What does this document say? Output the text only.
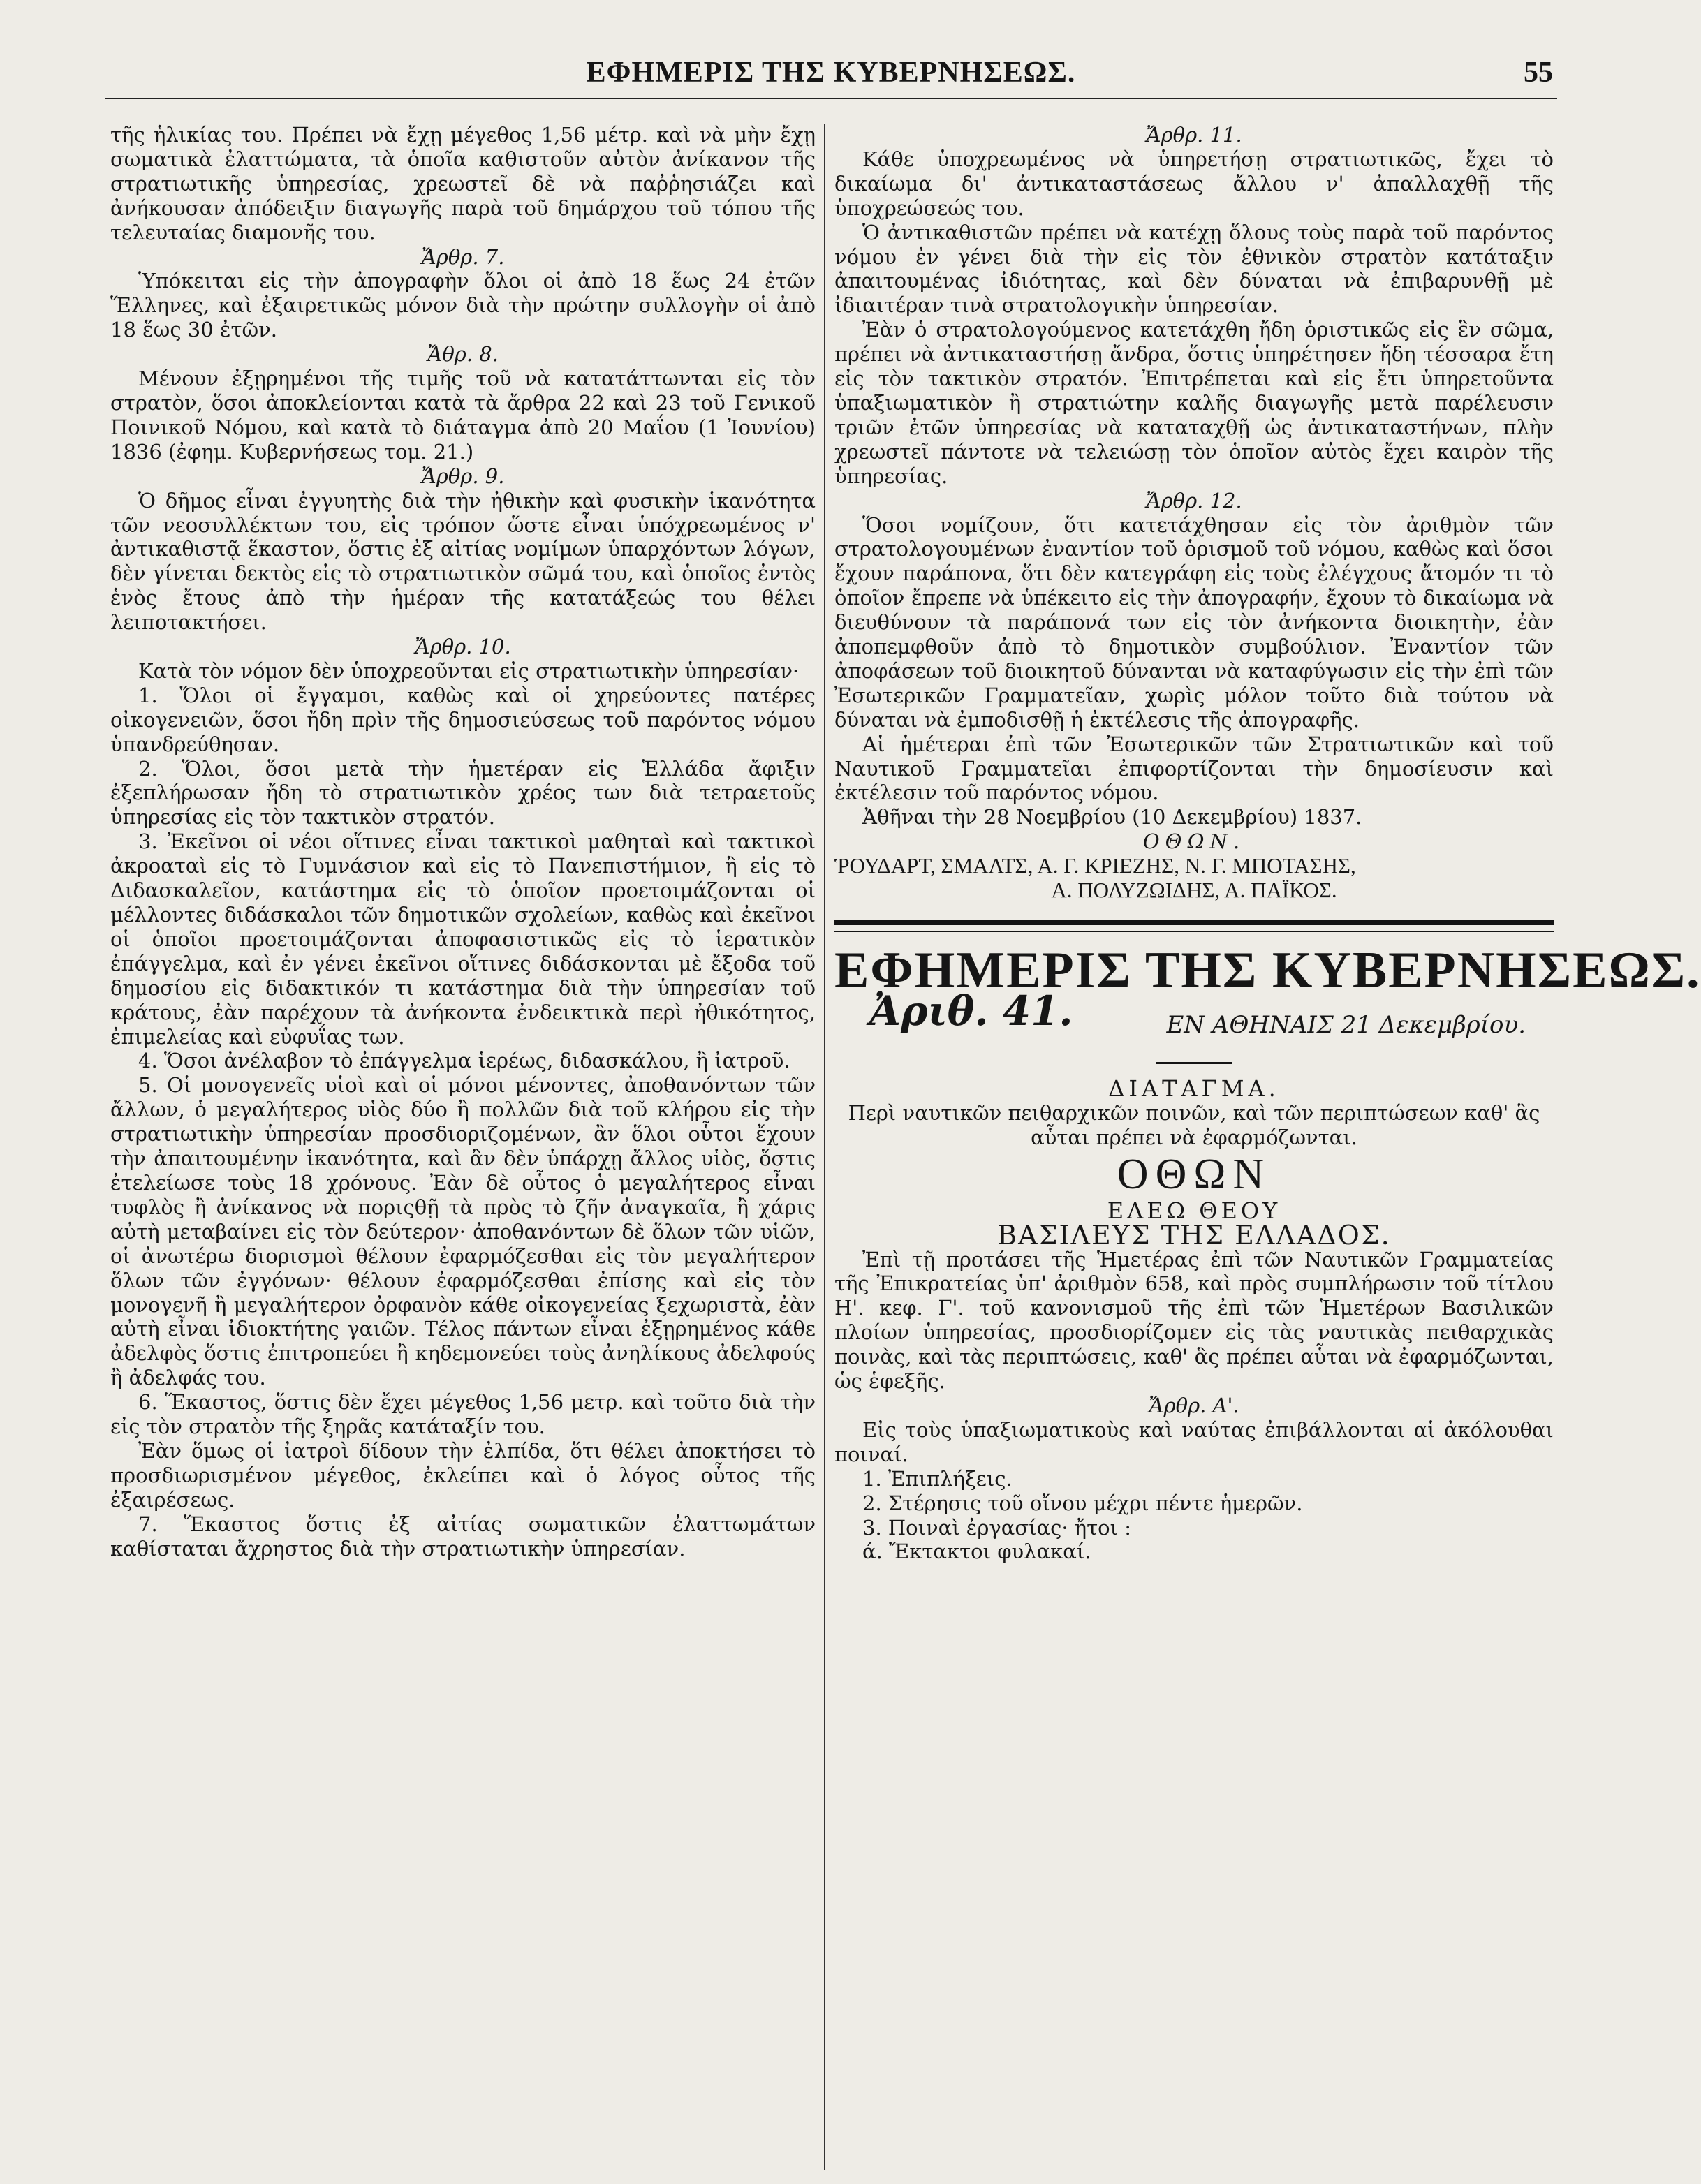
ΕΦΗΜΕΡΙΣ ΤΗΣ ΚΥΒΕΡΝΗΣΕΩΣ.	55

τῆς ἡλικίας του. Πρέπει νὰ ἔχῃ μέγεθος 1,56 μέτρ. καὶ νὰ μὴν ἔχῃ σωματικὰ ἐλαττώματα, τὰ ὁποῖα καθιστοῦν αὐτὸν ἀνίκανον τῆς στρατιωτικῆς ὑπηρεσίας, χρεωστεῖ δὲ νὰ παῤῥησιάζει καὶ ἀνήκουσαν ἀπόδειξιν διαγωγῆς παρὰ τοῦ δημάρχου τοῦ τόπου τῆς τελευταίας διαμονῆς του.

Ἄρθρ. 7.

Ὑπόκειται εἰς τὴν ἀπογραφὴν ὅλοι οἱ ἀπὸ 18 ἕως 24 ἐτῶν Ἕλληνες, καὶ ἐξαιρετικῶς μόνον διὰ τὴν πρώτην συλλογὴν οἱ ἀπὸ 18 ἕως 30 ἐτῶν.

Ἄθρ. 8.

Μένουν ἐξῃρημένοι τῆς τιμῆς τοῦ νὰ κατατάττωνται εἰς τὸν στρατὸν, ὅσοι ἀποκλείονται κατὰ τὰ ἄρθρα 22 καὶ 23 τοῦ Γενικοῦ Ποινικοῦ Νόμου, καὶ κατὰ τὸ διάταγμα ἀπὸ 20 Μαΐου (1 Ἰουνίου) 1836 (ἐφημ. Κυβερνήσεως τομ. 21.)

Ἄρθρ. 9.

Ὁ δῆμος εἶναι ἐγγυητὴς διὰ τὴν ἠθικὴν καὶ φυσικὴν ἱκανότητα τῶν νεοσυλλέκτων του, εἰς τρόπον ὥστε εἶναι ὑπόχρεωμένος ν' ἀντικαθιστᾷ ἕκαστον, ὅστις ἐξ αἰτίας νομίμων ὑπαρχόντων λόγων, δὲν γίνεται δεκτὸς εἰς τὸ στρατιωτικὸν σῶμά του, καὶ ὁποῖος ἐντὸς ἑνὸς ἔτους ἀπὸ τὴν ἡμέραν τῆς κατατάξεώς του θέλει λειποτακτήσει.

Ἄρθρ. 10.

Κατὰ τὸν νόμον δὲν ὑποχρεοῦνται εἰς στρατιωτικὴν ὑπηρεσίαν·

1. Ὅλοι οἱ ἔγγαμοι, καθὼς καὶ οἱ χηρεύοντες πατέρες οἰκογενειῶν, ὅσοι ἤδη πρὶν τῆς δημοσιεύσεως τοῦ παρόντος νόμου ὑπανδρεύθησαν.

2. Ὅλοι, ὅσοι μετὰ τὴν ἡμετέραν εἰς Ἑλλάδα ἄφιξιν ἐξεπλήρωσαν ἤδη τὸ στρατιωτικὸν χρέος των διὰ τετραετοῦς ὑπηρεσίας εἰς τὸν τακτικὸν στρατόν.

3. Ἐκεῖνοι οἱ νέοι οἵτινες εἶναι τακτικοὶ μαθηταὶ καὶ τακτικοὶ ἀκροαταὶ εἰς τὸ Γυμνάσιον καὶ εἰς τὸ Πανεπιστήμιον, ἢ εἰς τὸ Διδασκαλεῖον, κατάστημα εἰς τὸ ὁποῖον προετοιμάζονται οἱ μέλλοντες διδάσκαλοι τῶν δημοτικῶν σχολείων, καθὼς καὶ ἐκεῖνοι οἱ ὁποῖοι προετοιμάζονται ἀποφασιστικῶς εἰς τὸ ἱερατικὸν ἐπάγγελμα, καὶ ἐν γένει ἐκεῖνοι οἵτινες διδάσκονται μὲ ἔξοδα τοῦ δημοσίου εἰς διδακτικόν τι κατάστημα διὰ τὴν ὑπηρεσίαν τοῦ κράτους, ἐὰν παρέχουν τὰ ἀνήκοντα ἐνδεικτικὰ περὶ ἠθικότητος, ἐπιμελείας καὶ εὐφυΐας των.

4. Ὅσοι ἀνέλαβον τὸ ἐπάγγελμα ἱερέως, διδασκάλου, ἢ ἰατροῦ.

5. Οἱ μονογενεῖς υἱοὶ καὶ οἱ μόνοι μένοντες, ἀποθανόντων τῶν ἄλλων, ὁ μεγαλήτερος υἱὸς δύο ἢ πολλῶν διὰ τοῦ κλήρου εἰς τὴν στρατιωτικὴν ὑπηρεσίαν προσδιοριζομένων, ἂν ὅλοι οὗτοι ἔχουν τὴν ἀπαιτουμένην ἱκανότητα, καὶ ἂν δὲν ὑπάρχῃ ἄλλος υἱὸς, ὅστις ἐτελείωσε τοὺς 18 χρόνους. Ἐὰν δὲ οὗτος ὁ μεγαλήτερος εἶναι τυφλὸς ἢ ἀνίκανος νὰ ποριςθῇ τὰ πρὸς τὸ ζῆν ἀναγκαῖα, ἢ χάρις αὐτὴ μεταβαίνει εἰς τὸν δεύτερον· ἀποθανόντων δὲ ὅλων τῶν υἱῶν, οἱ ἀνωτέρω διορισμοὶ θέλουν ἐφαρμόζεσθαι εἰς τὸν μεγαλήτερον ὅλων τῶν ἐγγόνων· θέλουν ἐφαρμόζεσθαι ἐπίσης καὶ εἰς τὸν μονογενῆ ἢ μεγαλήτερον ὀρφανὸν κάθε οἰκογενείας ξεχωριστὰ, ἐὰν αὐτὴ εἶναι ἰδιοκτήτης γαιῶν. Τέλος πάντων εἶναι ἐξῃρημένος κάθε ἀδελφὸς ὅστις ἐπιτροπεύει ἢ κηδεμονεύει τοὺς ἀνηλίκους ἀδελφούς ἢ ἀδελφάς του.

6. Ἕκαστος, ὅστις δὲν ἔχει μέγεθος 1,56 μετρ. καὶ τοῦτο διὰ τὴν εἰς τὸν στρατὸν τῆς ξηρᾶς κατάταξίν του.

Ἐὰν ὅμως οἱ ἰατροὶ δίδουν τὴν ἐλπίδα, ὅτι θέλει ἀποκτήσει τὸ προσδιωρισμένον μέγεθος, ἐκλείπει καὶ ὁ λόγος οὗτος τῆς ἐξαιρέσεως.

7. Ἕκαστος ὅστις ἐξ αἰτίας σωματικῶν ἐλαττωμάτων καθίσταται ἄχρηστος διὰ τὴν στρατιωτικὴν ὑπηρεσίαν.

Ἄρθρ. 11.

Κάθε ὑποχρεωμένος νὰ ὑπηρετήσῃ στρατιωτικῶς, ἔχει τὸ δικαίωμα δι' ἀντικαταστάσεως ἄλλου ν' ἀπαλλαχθῇ τῆς ὑποχρεώσεώς του.

Ὁ ἀντικαθιστῶν πρέπει νὰ κατέχῃ ὅλους τοὺς παρὰ τοῦ παρόντος νόμου ἐν γένει διὰ τὴν εἰς τὸν ἐθνικὸν στρατὸν κατάταξιν ἀπαιτουμένας ἰδιότητας, καὶ δὲν δύναται νὰ ἐπιβαρυνθῇ μὲ ἰδιαιτέραν τινὰ στρατολογικὴν ὑπηρεσίαν.

Ἐὰν ὁ στρατολογούμενος κατετάχθη ἤδη ὁριστικῶς εἰς ἓν σῶμα, πρέπει νὰ ἀντικαταστήσῃ ἄνδρα, ὅστις ὑπηρέτησεν ἤδη τέσσαρα ἔτη εἰς τὸν τακτικὸν στρατόν. Ἐπιτρέπεται καὶ εἰς ἔτι ὑπηρετοῦντα ὑπαξιωματικὸν ἢ στρατιώτην καλῆς διαγωγῆς μετὰ παρέλευσιν τριῶν ἐτῶν ὑπηρεσίας νὰ καταταχθῇ ὡς ἀντικαταστήνων, πλὴν χρεωστεῖ πάντοτε νὰ τελειώσῃ τὸν ὁποῖον αὐτὸς ἔχει καιρὸν τῆς ὑπηρεσίας.

Ἄρθρ. 12.

Ὅσοι νομίζουν, ὅτι κατετάχθησαν εἰς τὸν ἀριθμὸν τῶν στρατολογουμένων ἐναντίον τοῦ ὁρισμοῦ τοῦ νόμου, καθὼς καὶ ὅσοι ἔχουν παράπονα, ὅτι δὲν κατεγράφη εἰς τοὺς ἐλέγχους ἄτομόν τι τὸ ὁποῖον ἔπρεπε νὰ ὑπέκειτο εἰς τὴν ἀπογραφήν, ἔχουν τὸ δικαίωμα νὰ διευθύνουν τὰ παράπονά των εἰς τὸν ἀνήκοντα διοικητὴν, ἐὰν ἀποπεμφθοῦν ἀπὸ τὸ δημοτικὸν συμβούλιον. Ἐναντίον τῶν ἀποφάσεων τοῦ διοικητοῦ δύνανται νὰ καταφύγωσιν εἰς τὴν ἐπὶ τῶν Ἐσωτερικῶν Γραμματεῖαν, χωρὶς μόλον τοῦτο διὰ τούτου νὰ δύναται νὰ ἐμποδισθῇ ἡ ἐκτέλεσις τῆς ἀπογραφῆς.

Αἱ ἡμέτεραι ἐπὶ τῶν Ἐσωτερικῶν τῶν Στρατιωτικῶν καὶ τοῦ Ναυτικοῦ Γραμματεῖαι ἐπιφορτίζονται τὴν δημοσίευσιν καὶ ἐκτέλεσιν τοῦ παρόντος νόμου.

Ἀθῆναι τὴν 28 Νοεμβρίου (10 Δεκεμβρίου) 1837.

ΟΘΩΝ.

ῬΟΥΔΑΡΤ, ΣΜΑΛΤΣ, Α. Γ. ΚΡΙΕΖΗΣ, Ν. Γ. ΜΠΟΤΑΣΗΣ,

Α. ΠΟΛΥΖΩΙΔΗΣ, Α. ΠΑΪΚΟΣ.

ΕΦΗΜΕΡΙΣ ΤΗΣ ΚΥΒΕΡΝΗΣΕΩΣ.
Ἀριθ. 41.	ΕΝ ΑΘΗΝΑΙΣ 21 Δεκεμβρίου.

ΔΙΑΤΑΓΜΑ.

Περὶ ναυτικῶν πειθαρχικῶν ποινῶν, καὶ τῶν περιπτώσεων καθ' ἃς αὗται πρέπει νὰ ἐφαρμόζωνται.

ΟΘΩΝ

ΕΛΕΩ ΘΕΟΥ

ΒΑΣΙΛΕΥΣ ΤΗΣ ΕΛΛΑΔΟΣ.

Ἐπὶ τῇ προτάσει τῆς Ἡμετέρας ἐπὶ τῶν Ναυτικῶν Γραμματείας τῆς Ἐπικρατείας ὑπ' ἀριθμὸν 658, καὶ πρὸς συμπλήρωσιν τοῦ τίτλου Η'. κεφ. Γ'. τοῦ κανονισμοῦ τῆς ἐπὶ τῶν Ἡμετέρων Βασιλικῶν πλοίων ὑπηρεσίας, προσδιορίζομεν εἰς τὰς ναυτικὰς πειθαρχικὰς ποινὰς, καὶ τὰς περιπτώσεις, καθ' ἃς πρέπει αὗται νὰ ἐφαρμόζωνται, ὡς ἑφεξῆς.

Ἄρθρ. Α'.

Εἰς τοὺς ὑπαξιωματικοὺς καὶ ναύτας ἐπιβάλλονται αἱ ἀκόλουθαι ποιναί.

1. Ἐπιπλήξεις.

2. Στέρησις τοῦ οἴνου μέχρι πέντε ἡμερῶν.

3. Ποιναὶ ἐργασίας· ἤτοι :

ά. Ἔκτακτοι φυλακαί.
